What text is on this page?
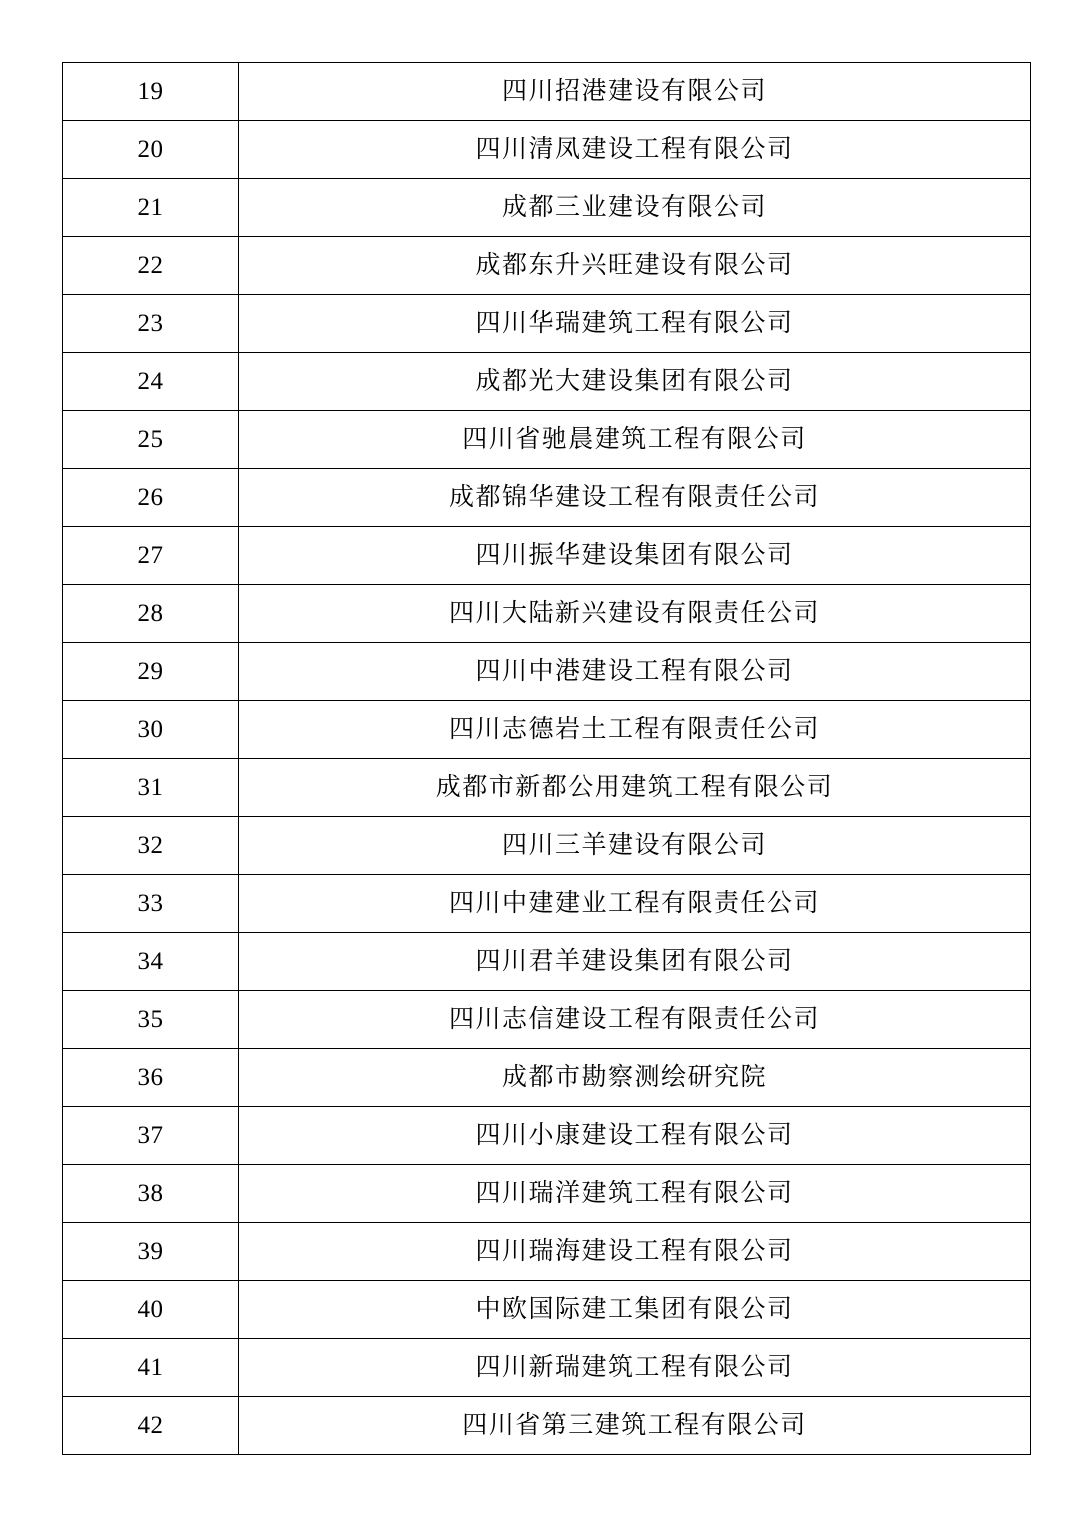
19	四川招港建设有限公司
20	四川清凤建设工程有限公司
21	成都三业建设有限公司
22	成都东升兴旺建设有限公司
23	四川华瑞建筑工程有限公司
24	成都光大建设集团有限公司
25	四川省驰晨建筑工程有限公司
26	成都锦华建设工程有限责任公司
27	四川振华建设集团有限公司
28	四川大陆新兴建设有限责任公司
29	四川中港建设工程有限公司
30	四川志德岩土工程有限责任公司
31	成都市新都公用建筑工程有限公司
32	四川三羊建设有限公司
33	四川中建建业工程有限责任公司
34	四川君羊建设集团有限公司
35	四川志信建设工程有限责任公司
36	成都市勘察测绘研究院
37	四川小康建设工程有限公司
38	四川瑞洋建筑工程有限公司
39	四川瑞海建设工程有限公司
40	中欧国际建工集团有限公司
41	四川新瑞建筑工程有限公司
42	四川省第三建筑工程有限公司
